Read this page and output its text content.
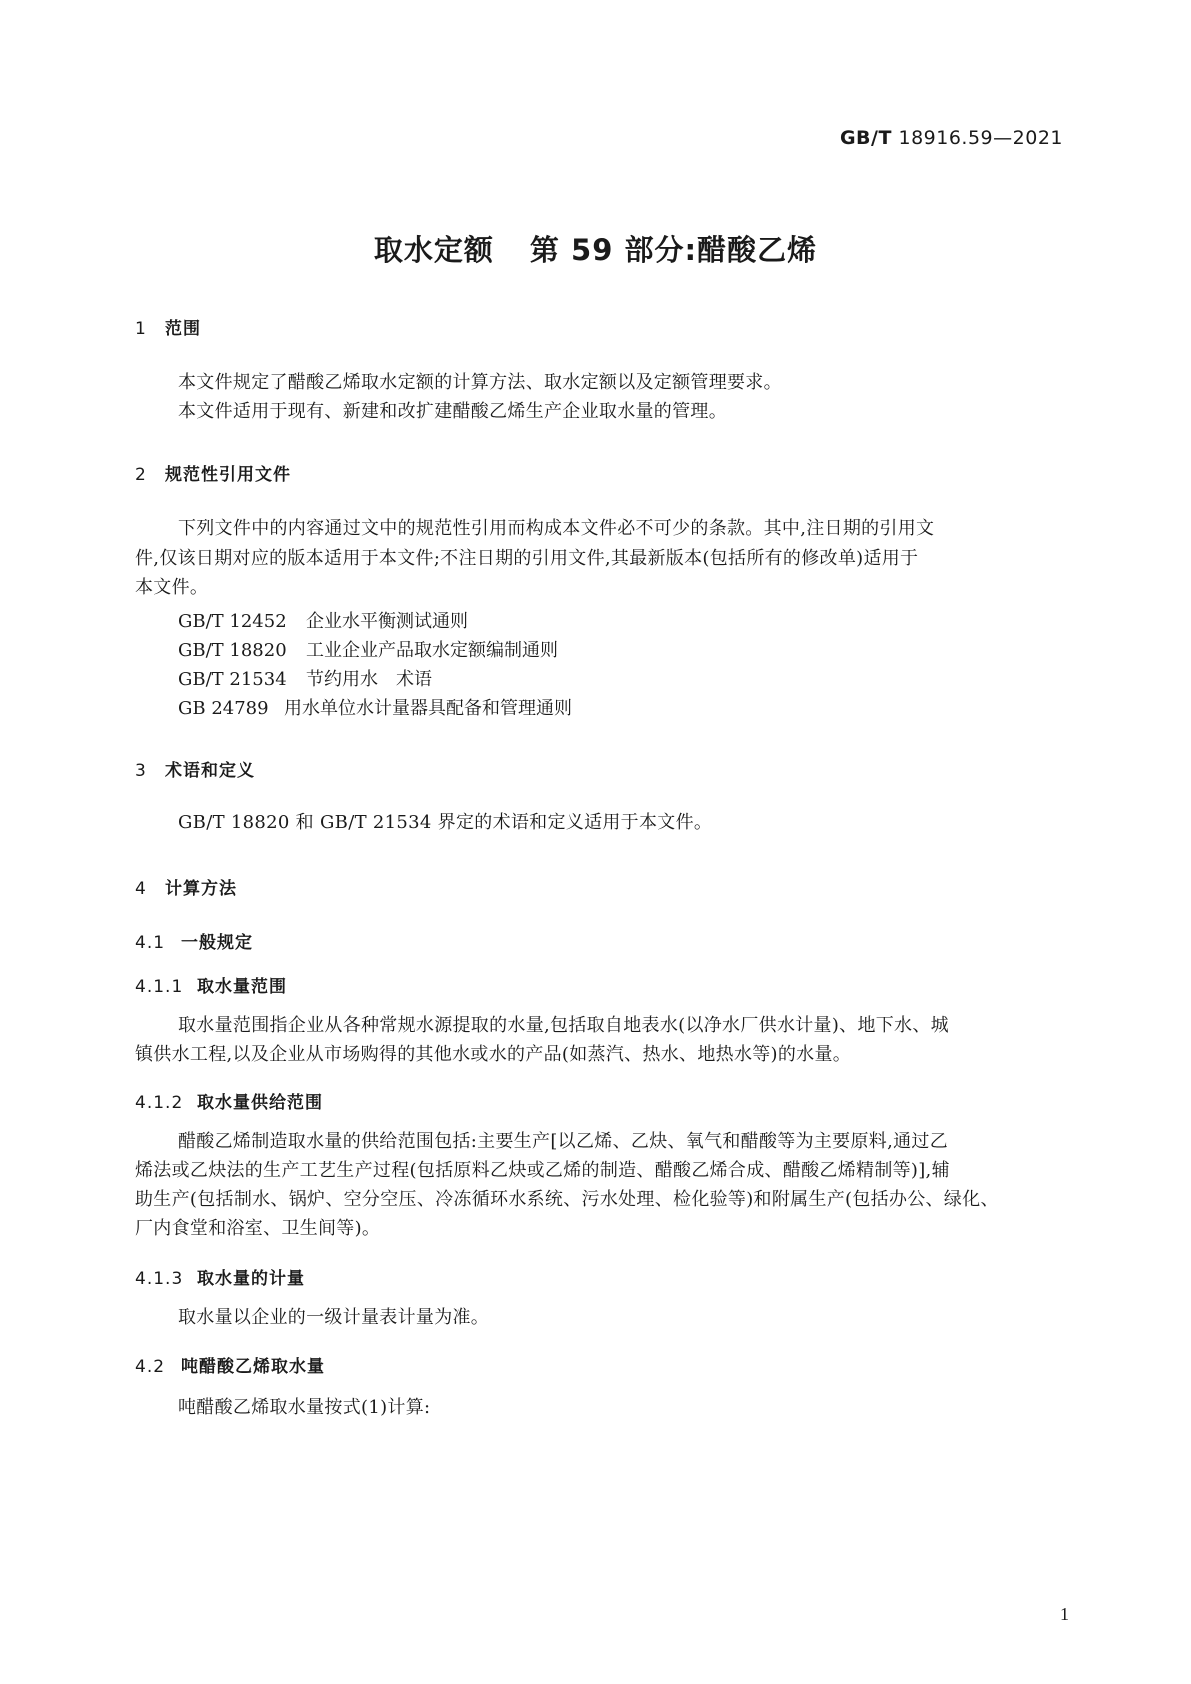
GB/T 18916.59—2021
取水定额 第 59 部分:醋酸乙烯
1 范围
本文件规定了醋酸乙烯取水定额的计算方法、取水定额以及定额管理要求。
本文件适用于现有、新建和改扩建醋酸乙烯生产企业取水量的管理。
2 规范性引用文件
下列文件中的内容通过文中的规范性引用而构成本文件必不可少的条款。其中,注日期的引用文
件,仅该日期对应的版本适用于本文件;不注日期的引用文件,其最新版本(包括所有的修改单)适用于
本文件。
GB/T 12452 企业水平衡测试通则
GB/T 18820 工业企业产品取水定额编制通则
GB/T 21534 节约用水　术语
GB 24789 用水单位水计量器具配备和管理通则
3 术语和定义
GB/T 18820 和 GB/T 21534 界定的术语和定义适用于本文件。
4 计算方法
4.1 一般规定
4.1.1 取水量范围
取水量范围指企业从各种常规水源提取的水量,包括取自地表水(以净水厂供水计量)、地下水、城
镇供水工程,以及企业从市场购得的其他水或水的产品(如蒸汽、热水、地热水等)的水量。
4.1.2 取水量供给范围
醋酸乙烯制造取水量的供给范围包括:主要生产[以乙烯、乙炔、氧气和醋酸等为主要原料,通过乙
烯法或乙炔法的生产工艺生产过程(包括原料乙炔或乙烯的制造、醋酸乙烯合成、醋酸乙烯精制等)],辅
助生产(包括制水、锅炉、空分空压、冷冻循环水系统、污水处理、检化验等)和附属生产(包括办公、绿化、
厂内食堂和浴室、卫生间等)。
4.1.3 取水量的计量
取水量以企业的一级计量表计量为准。
4.2 吨醋酸乙烯取水量
吨醋酸乙烯取水量按式(1)计算:
1
